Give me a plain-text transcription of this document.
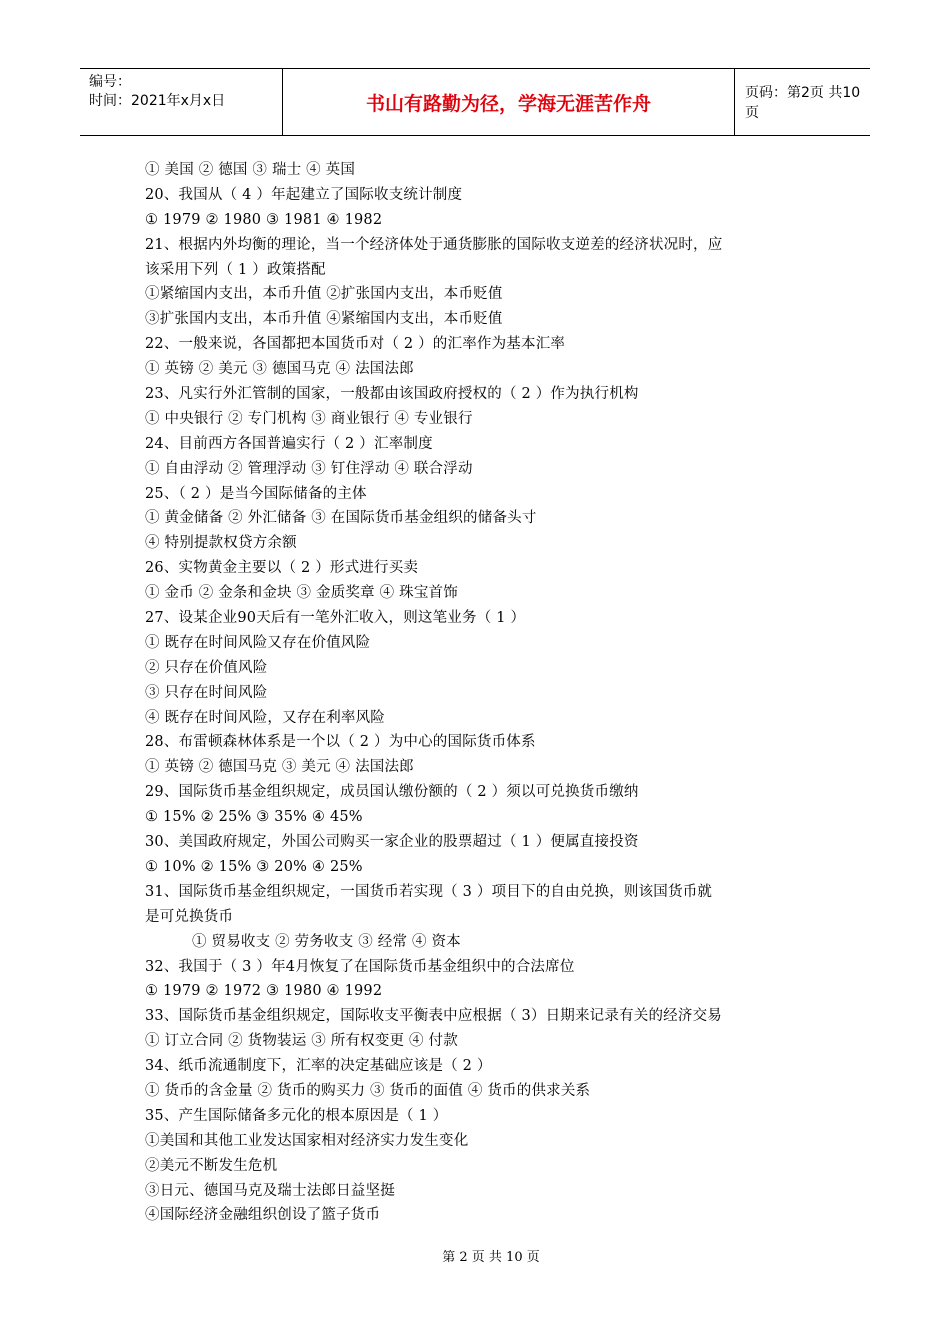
编号：
时间：2021年x月x日	书山有路勤为径，学海无涯苦作舟	页码：第2页 共10页
① 美国 ② 德国 ③ 瑞士 ④ 英国
20、我国从（ 4 ）年起建立了国际收支统计制度
① 1979 ② 1980 ③ 1981 ④ 1982
21、根据内外均衡的理论，当一个经济体处于通货膨胀的国际收支逆差的经济状况时，应
该采用下列（ 1 ）政策搭配
①紧缩国内支出，本币升值 ②扩张国内支出，本币贬值
③扩张国内支出，本币升值 ④紧缩国内支出，本币贬值
22、一般来说，各国都把本国货币对（ 2 ）的汇率作为基本汇率
① 英镑 ② 美元 ③ 德国马克 ④ 法国法郎
23、凡实行外汇管制的国家，一般都由该国政府授权的（ 2 ）作为执行机构
① 中央银行 ② 专门机构 ③ 商业银行 ④ 专业银行
24、目前西方各国普遍实行（ 2 ）汇率制度
① 自由浮动 ② 管理浮动 ③ 钉住浮动 ④ 联合浮动
25、（ 2 ）是当今国际储备的主体
① 黄金储备 ② 外汇储备 ③ 在国际货币基金组织的储备头寸
④ 特别提款权贷方余额
26、实物黄金主要以（ 2 ）形式进行买卖
① 金币 ② 金条和金块 ③ 金质奖章 ④ 珠宝首饰
27、设某企业90天后有一笔外汇收入，则这笔业务（ 1 ）
① 既存在时间风险又存在价值风险
② 只存在价值风险
③ 只存在时间风险
④ 既存在时间风险，又存在利率风险
28、布雷顿森林体系是一个以（ 2 ）为中心的国际货币体系
① 英镑 ② 德国马克 ③ 美元 ④ 法国法郎
29、国际货币基金组织规定，成员国认缴份额的（ 2 ）须以可兑换货币缴纳
① 15% ② 25% ③ 35% ④ 45%
30、美国政府规定，外国公司购买一家企业的股票超过（ 1 ）便属直接投资
① 10% ② 15% ③ 20% ④ 25%
31、国际货币基金组织规定，一国货币若实现（ 3 ）项目下的自由兑换，则该国货币就
是可兑换货币
① 贸易收支 ② 劳务收支 ③ 经常 ④ 资本
32、我国于（ 3 ）年4月恢复了在国际货币基金组织中的合法席位
① 1979 ② 1972 ③ 1980 ④ 1992
33、国际货币基金组织规定，国际收支平衡表中应根据（ 3）日期来记录有关的经济交易
① 订立合同 ② 货物装运 ③ 所有权变更 ④ 付款
34、纸币流通制度下，汇率的决定基础应该是（ 2 ）
① 货币的含金量 ② 货币的购买力 ③ 货币的面值 ④ 货币的供求关系
35、产生国际储备多元化的根本原因是（ 1 ）
①美国和其他工业发达国家相对经济实力发生变化
②美元不断发生危机
③日元、德国马克及瑞士法郎日益坚挺
④国际经济金融组织创设了篮子货币
第 2 页 共 10 页
